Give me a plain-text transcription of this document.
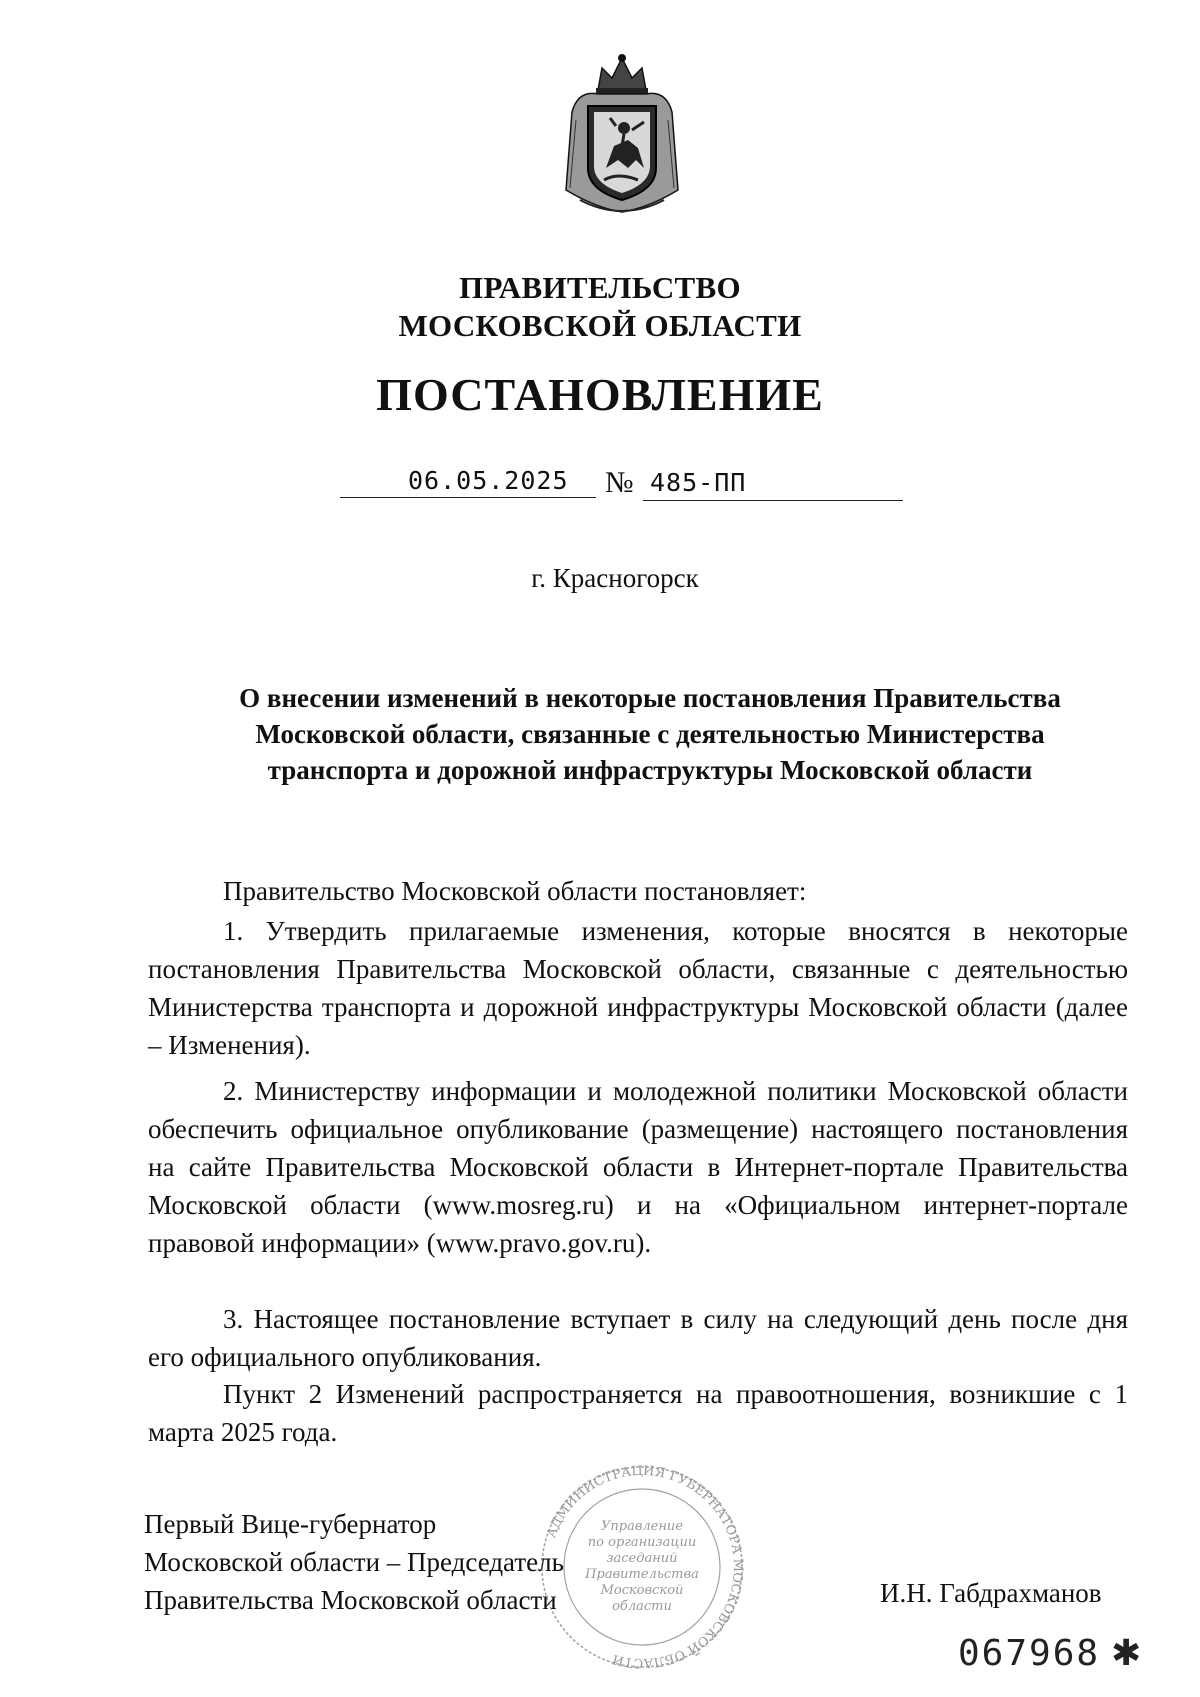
ПРАВИТЕЛЬСТВО
МОСКОВСКОЙ ОБЛАСТИ
ПОСТАНОВЛЕНИЕ
06.05.2025 № 485-ПП
г. Красногорск
О внесении изменений в некоторые постановления Правительства
Московской области, связанные с деятельностью Министерства
транспорта и дорожной инфраструктуры Московской области

Правительство Московской области постановляет:

1. Утвердить прилагаемые изменения, которые вносятся в некоторые постановления Правительства Московской области, связанные с деятельностью Министерства транспорта и дорожной инфраструктуры Московской области (далее – Изменения).

2. Министерству информации и молодежной политики Московской области обеспечить официальное опубликование (размещение) настоящего постановления на сайте Правительства Московской области в Интернет-портале Правительства Московской области (www.mosreg.ru) и на «Официальном интернет-портале правовой информации» (www.pravo.gov.ru).

3. Настоящее постановление вступает в силу на следующий день после дня его официального опубликования.

Пункт 2 Изменений распространяется на правоотношения, возникшие с 1 марта 2025 года.

Первый Вице-губернатор
Московской области – Председатель
Правительства Московской области
АДМИНИСТРАЦИЯ ГУБЕРНАТОРА МОСКОВСКОЙ ОБЛАСТИ
Управление
по организации
заседаний
Правительства
Московской
области	И.Н. Габдрахманов
067968 ✱
